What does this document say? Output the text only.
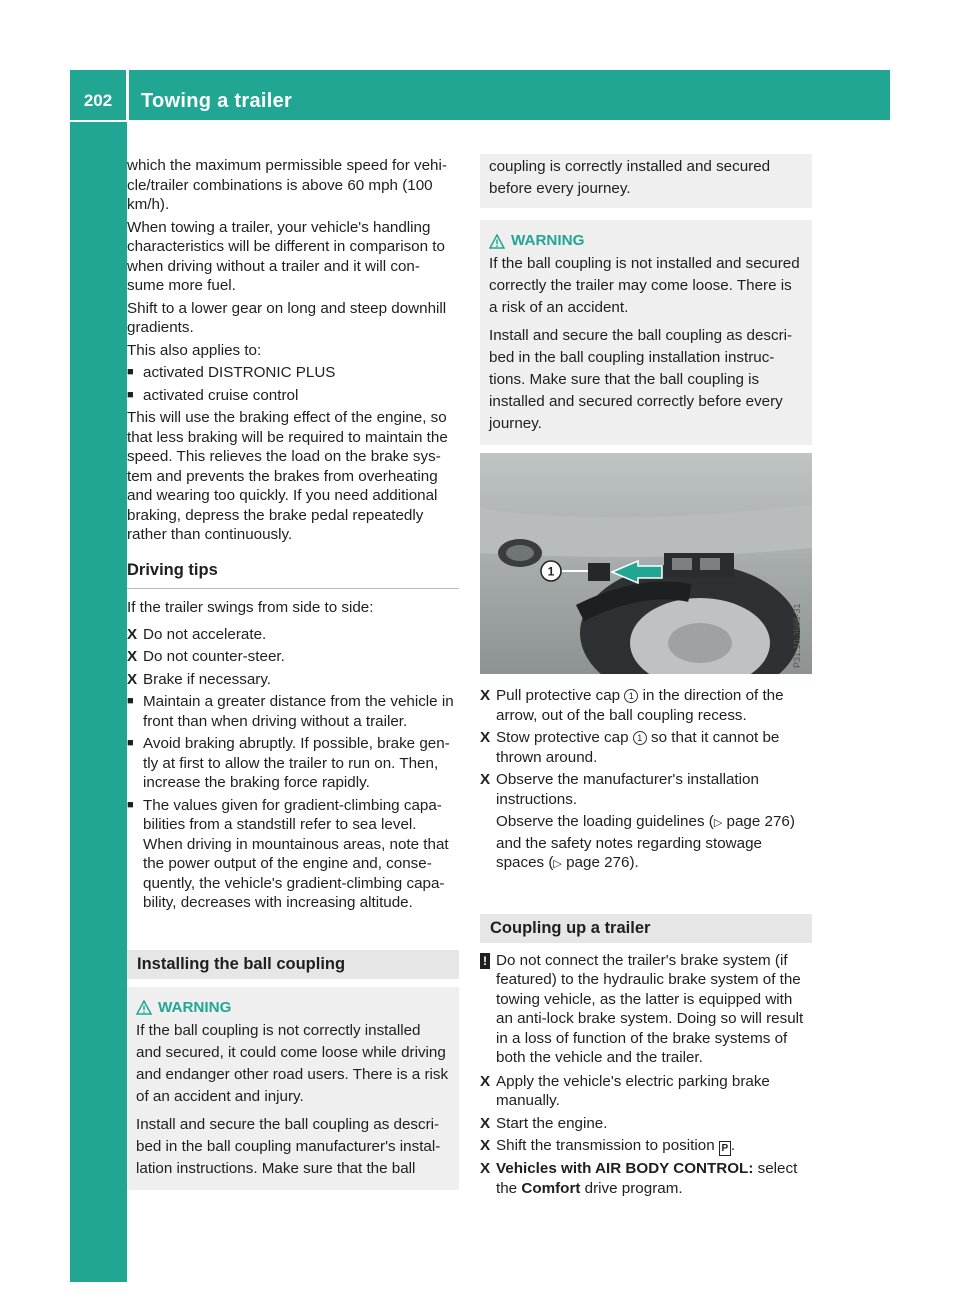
202	Towing a trailer
Driving and parking

which the maximum permissible speed for vehi- cle/trailer combinations is above 60 mph (100 km/h).

When towing a trailer, your vehicle's handling characteristics will be different in comparison to when driving without a trailer and it will con- sume more fuel.

Shift to a lower gear on long and steep downhill gradients.

This also applies to:

■ activated DISTRONIC PLUS
■ activated cruise control

This will use the braking effect of the engine, so that less braking will be required to maintain the speed. This relieves the load on the brake sys- tem and prevents the brakes from overheating and wearing too quickly. If you need additional braking, depress the brake pedal repeatedly rather than continuously.

Driving tips

If the trailer swings from side to side:

X Do not accelerate.
X Do not counter-steer.
X Brake if necessary.
■ Maintain a greater distance from the vehicle in front than when driving without a trailer.
■ Avoid braking abruptly. If possible, brake gen- tly at first to allow the trailer to run on. Then, increase the braking force rapidly.
■ The values given for gradient-climbing capa- bilities from a standstill refer to sea level. When driving in mountainous areas, note that the power output of the engine and, conse- quently, the vehicle's gradient-climbing capa- bility, decreases with increasing altitude.
Installing the ball coupling
WARNING

If the ball coupling is not correctly installed and secured, it could come loose while driving and endanger other road users. There is a risk of an accident and injury.

Install and secure the ball coupling as descri- bed in the ball coupling manufacturer's instal- lation instructions. Make sure that the ball

coupling is correctly installed and secured before every journey.

WARNING

If the ball coupling is not installed and secured correctly the trailer may come loose. There is a risk of an accident.

Install and secure the ball coupling as descri- bed in the ball coupling installation instruc- tions. Make sure that the ball coupling is installed and secured correctly before every journey.

1
P31.10-3666-31
X Pull protective cap 1 in the direction of the arrow, out of the ball coupling recess.
X Stow protective cap 1 so that it cannot be thrown around.
X Observe the manufacturer's installation instructions.
Observe the loading guidelines (▷ page 276) and the safety notes regarding stowage spaces (▷ page 276).
Coupling up a trailer
! Do not connect the trailer's brake system (if featured) to the hydraulic brake system of the towing vehicle, as the latter is equipped with an anti-lock brake system. Doing so will result in a loss of function of the brake systems of both the vehicle and the trailer.
X Apply the vehicle's electric parking brake manually.
X Start the engine.
X Shift the transmission to position P .
X Vehicles with AIR BODY CONTROL: select the Comfort drive program.
